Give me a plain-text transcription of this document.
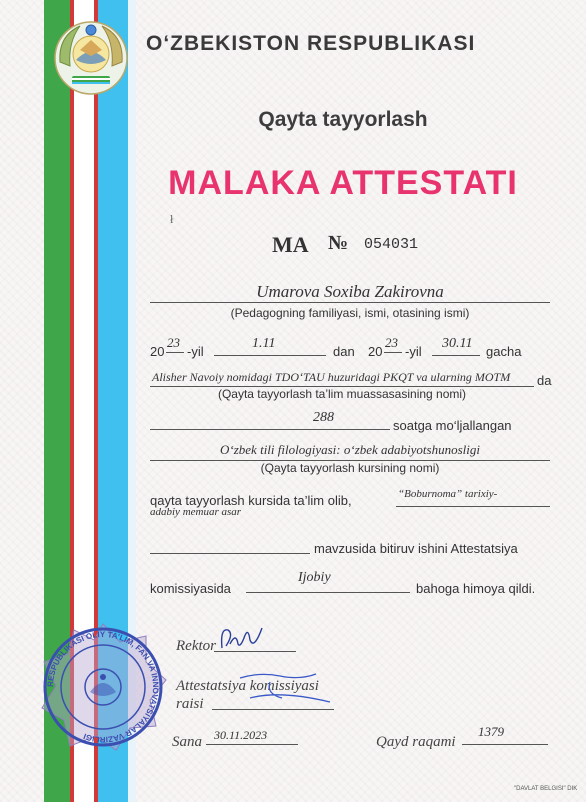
O‘ZBEKISTON RESPUBLIKASI
Qayta tayyorlash
MALAKA ATTESTATI
ł
MA № 054031
Umarova Soxiba Zakirovna
(Pedagogning familiyasi, ismi, otasining ismi)
20
23
-yil
1.11
dan 20
23
-yil
30.11
gacha
Alisher Navoiy nomidagi TDO‘TAU huzuridagi PKQT va ularning MOTM da
(Qayta tayyorlash ta’lim muassasasining nomi)
288
soatga mo‘ljallangan
O‘zbek tili filologiyasi: o‘zbek adabiyotshunosligi
(Qayta tayyorlash kursining nomi)
qayta tayyorlash kursida ta’lim olib,	“Boburnoma” tarixiy-
adabiy memuar asar
mavzusida bitiruv ishini Attestatsiya
komissiyasida
Ijobiy
bahoga himoya qildi.
Rektor
Attestatsiya komissiyasi
raisi
RESPUBLIKASI OLIY TA’LIM, FAN VA INNOVATSIYALAR VAZIRLIGI	Sana 30.11.2023	Qayd raqami
1379
"DAVLAT BELGISI" DIK
